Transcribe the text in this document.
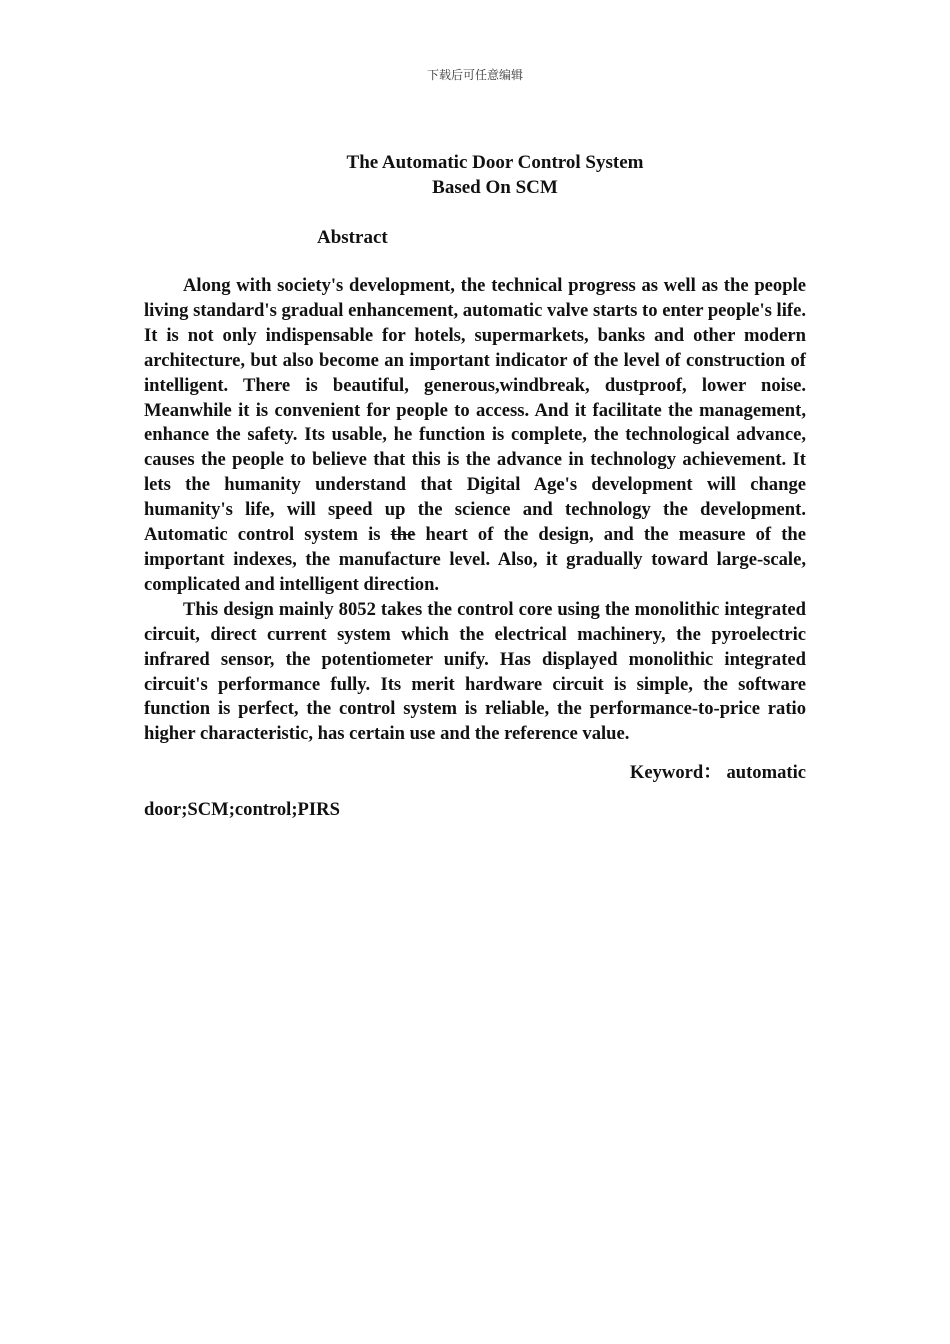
下载后可任意编辑
The Automatic Door Control System
Based On SCM
Abstract

Along with society's development, the technical progress as well as the people living standard's gradual enhancement, automatic valve starts to enter people's life. It is not only indispensable for hotels, supermarkets, banks and other modern architecture, but also become an important indicator of the level of construction of intelligent. There is beautiful, generous,windbreak, dustproof, lower noise. Meanwhile it is convenient for people to access. And it facilitate the management, enhance the safety. Its usable, he function is complete, the technological advance, causes the people to believe that this is the advance in technology achievement. It lets the humanity understand that Digital Age's development will change humanity's life, will speed up the science and technology the development. Automatic control system is the heart of the design, and the measure of the important indexes, the manufacture level. Also, it gradually toward large-scale, complicated and intelligent direction.

This design mainly 8052 takes the control core using the monolithic integrated circuit, direct current system which the electrical machinery, the pyroelectric infrared sensor, the potentiometer unify. Has displayed monolithic integrated circuit's performance fully. Its merit hardware circuit is simple, the software function is perfect, the control system is reliable, the performance-to-price ratio higher characteristic, has certain use and the reference value.

Keyword： automatic
door;SCM;control;PIRS
